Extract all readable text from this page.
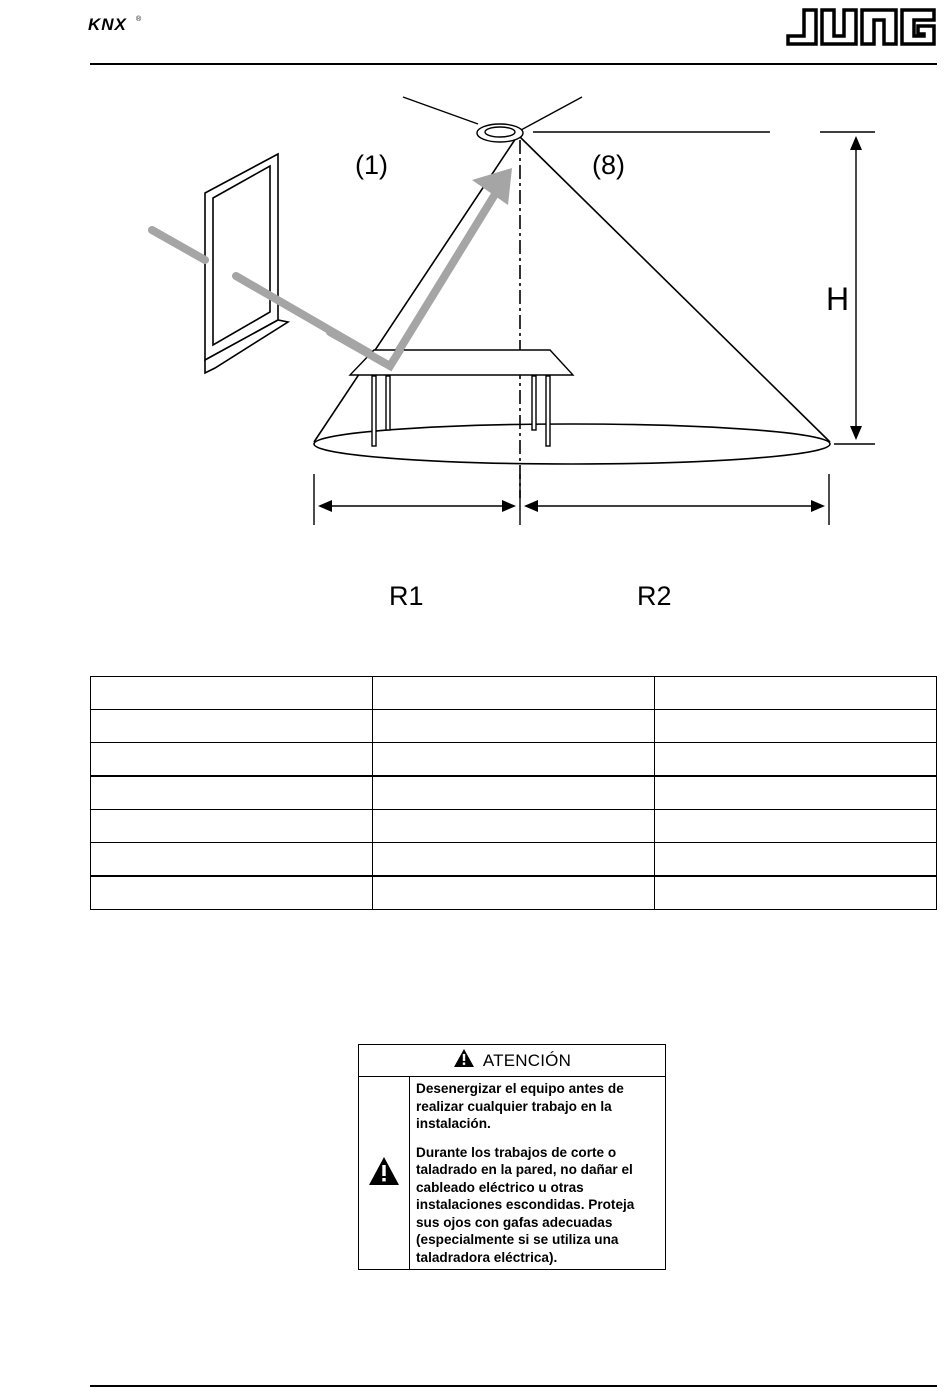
KNX ®
(1)	(8)
H
R1	R2

ATENCIÓN

Desenergizar el equipo antes de realizar cualquier trabajo en la instalación.

Durante los trabajos de corte o taladrado en la pared, no dañar el cableado eléctrico u otras instalaciones escondidas. Proteja sus ojos con gafas adecuadas (especialmente si se utiliza una taladradora eléctrica).
